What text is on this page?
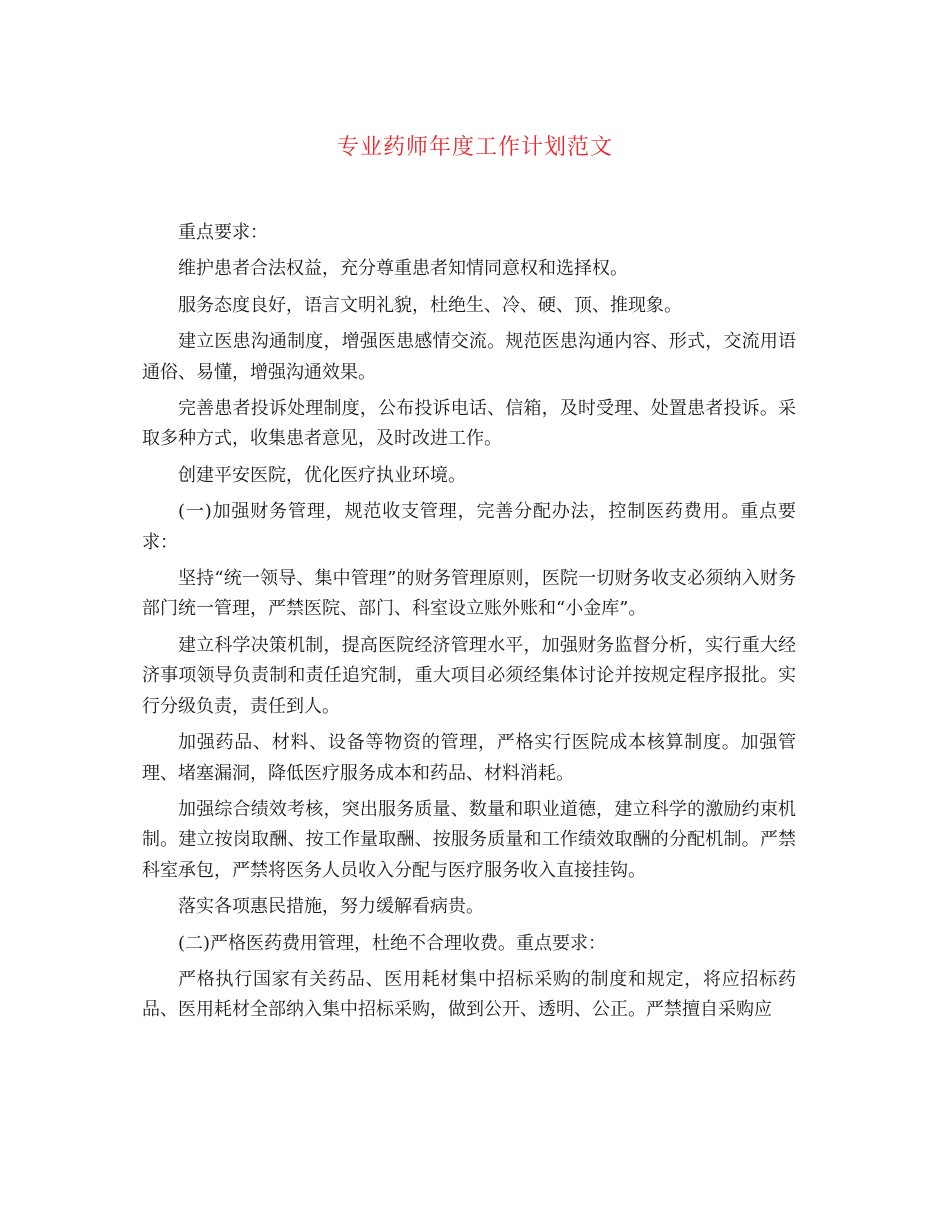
专业药师年度工作计划范文

重点要求：

维护患者合法权益，充分尊重患者知情同意权和选择权。

服务态度良好，语言文明礼貌，杜绝生、冷、硬、顶、推现象。

建立医患沟通制度，增强医患感情交流。规范医患沟通内容、形式，交流用语通俗、易懂，增强沟通效果。

完善患者投诉处理制度，公布投诉电话、信箱，及时受理、处置患者投诉。采取多种方式，收集患者意见，及时改进工作。

创建平安医院，优化医疗执业环境。

(一)加强财务管理，规范收支管理，完善分配办法，控制医药费用。重点要求：

坚持“统一领导、集中管理”的财务管理原则，医院一切财务收支必须纳入财务部门统一管理，严禁医院、部门、科室设立账外账和“小金库”。

建立科学决策机制，提高医院经济管理水平，加强财务监督分析，实行重大经济事项领导负责制和责任追究制，重大项目必须经集体讨论并按规定程序报批。实行分级负责，责任到人。

加强药品、材料、设备等物资的管理，严格实行医院成本核算制度。加强管理、堵塞漏洞，降低医疗服务成本和药品、材料消耗。

加强综合绩效考核，突出服务质量、数量和职业道德，建立科学的激励约束机制。建立按岗取酬、按工作量取酬、按服务质量和工作绩效取酬的分配机制。严禁科室承包，严禁将医务人员收入分配与医疗服务收入直接挂钩。

落实各项惠民措施，努力缓解看病贵。

(二)严格医药费用管理，杜绝不合理收费。重点要求：

严格执行国家有关药品、医用耗材集中招标采购的制度和规定，将应招标药品、医用耗材全部纳入集中招标采购，做到公开、透明、公正。严禁擅自采购应
